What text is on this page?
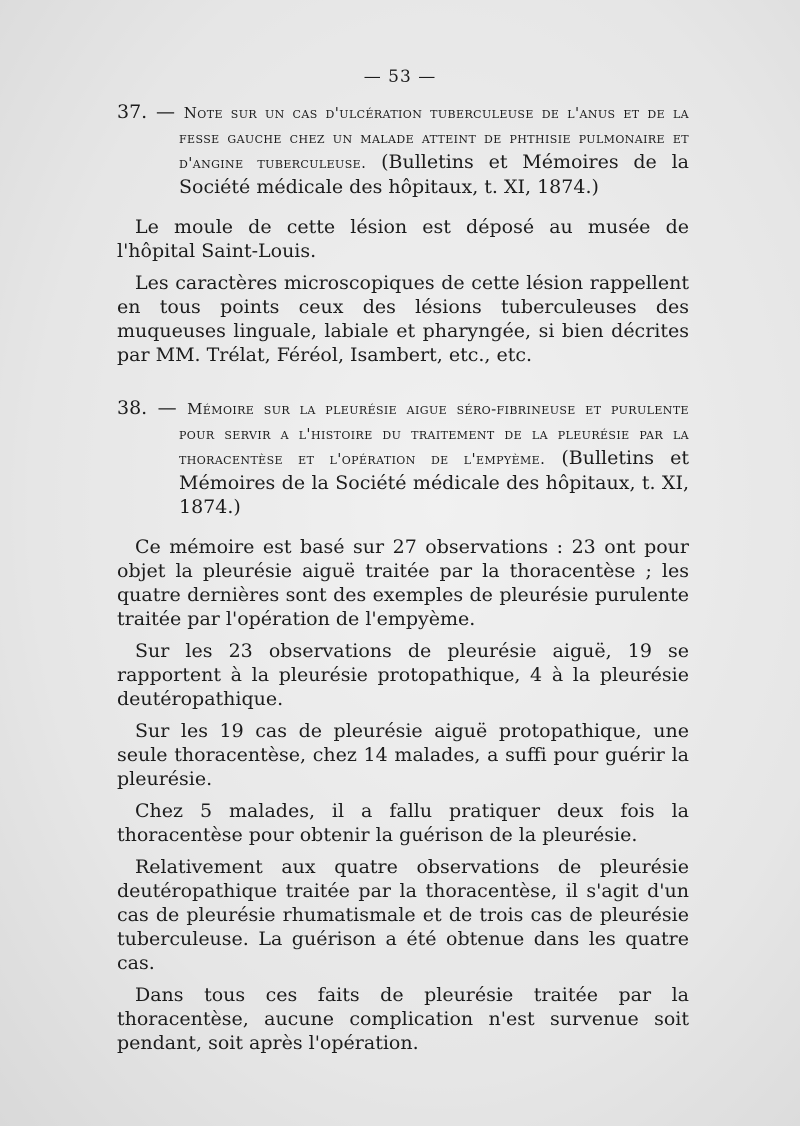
— 53 —
37. — Note sur un cas d'ulcération tuberculeuse de l'anus et de la fesse gauche chez un malade atteint de phthisie pulmonaire et d'angine tuberculeuse. (Bulletins et Mémoires de la Société médicale des hôpitaux, t. XI, 1874.)

Le moule de cette lésion est déposé au musée de l'hôpital Saint-Louis.

Les caractères microscopiques de cette lésion rappellent en tous points ceux des lésions tuberculeuses des muqueuses linguale, labiale et pharyngée, si bien décrites par MM. Trélat, Féréol, Isambert, etc., etc.

38. — Mémoire sur la pleurésie aigue séro-fibrineuse et purulente pour servir a l'histoire du traitement de la pleurésie par la thoracentèse et l'opération de l'empyème. (Bulletins et Mémoires de la Société médicale des hôpitaux, t. XI, 1874.)

Ce mémoire est basé sur 27 observations : 23 ont pour objet la pleurésie aiguë traitée par la thoracentèse ; les quatre dernières sont des exemples de pleurésie purulente traitée par l'opération de l'empyème.

Sur les 23 observations de pleurésie aiguë, 19 se rapportent à la pleurésie protopathique, 4 à la pleurésie deutéropathique.

Sur les 19 cas de pleurésie aiguë protopathique, une seule thoracentèse, chez 14 malades, a suffi pour guérir la pleurésie.

Chez 5 malades, il a fallu pratiquer deux fois la thoracentèse pour obtenir la guérison de la pleurésie.

Relativement aux quatre observations de pleurésie deutéropathique traitée par la thoracentèse, il s'agit d'un cas de pleurésie rhumatismale et de trois cas de pleurésie tuberculeuse. La guérison a été obtenue dans les quatre cas.

Dans tous ces faits de pleurésie traitée par la thoracentèse, aucune complication n'est survenue soit pendant, soit après l'opération.
